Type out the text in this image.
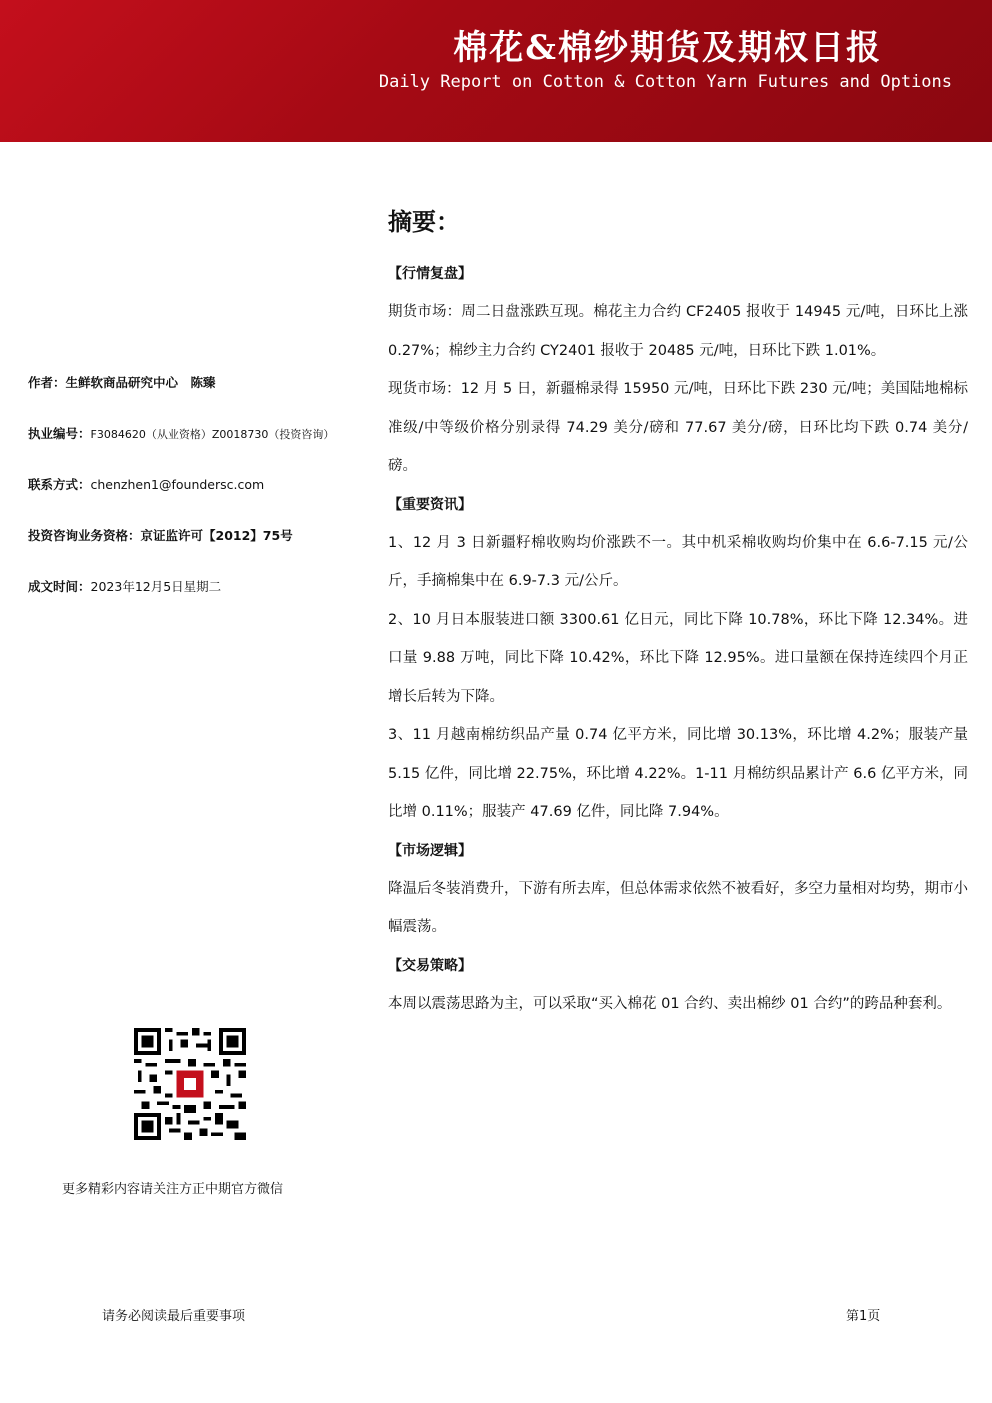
棉花&棉纱期货及期权日报
Daily Report on Cotton & Cotton Yarn Futures and Options
作者：生鲜软商品研究中心　陈臻
执业编号：F3084620（从业资格）Z0018730（投资咨询）
联系方式：chenzhen1@foundersc.com
投资咨询业务资格：京证监许可【2012】75号
成文时间：2023年12月5日星期二
更多精彩内容请关注方正中期官方微信
摘要：

【行情复盘】

期货市场：周二日盘涨跌互现。棉花主力合约 CF2405 报收于 14945 元/吨，日环比上涨 0.27%；棉纱主力合约 CY2401 报收于 20485 元/吨，日环比下跌 1.01%。

现货市场：12 月 5 日，新疆棉录得 15950 元/吨，日环比下跌 230 元/吨；美国陆地棉标准级/中等级价格分别录得 74.29 美分/磅和 77.67 美分/磅，日环比均下跌 0.74 美分/磅。

【重要资讯】

1、12 月 3 日新疆籽棉收购均价涨跌不一。其中机采棉收购均价集中在 6.6-7.15 元/公斤，手摘棉集中在 6.9-7.3 元/公斤。

2、10 月日本服装进口额 3300.61 亿日元，同比下降 10.78%，环比下降 12.34%。进口量 9.88 万吨，同比下降 10.42%，环比下降 12.95%。进口量额在保持连续四个月正增长后转为下降。

3、11 月越南棉纺织品产量 0.74 亿平方米，同比增 30.13%，环比增 4.2%；服装产量 5.15 亿件，同比增 22.75%，环比增 4.22%。1-11 月棉纺织品累计产 6.6 亿平方米，同比增 0.11%；服装产 47.69 亿件，同比降 7.94%。

【市场逻辑】

降温后冬装消费升，下游有所去库，但总体需求依然不被看好，多空力量相对均势，期市小幅震荡。

【交易策略】

本周以震荡思路为主，可以采取“买入棉花 01 合约、卖出棉纱 01 合约”的跨品种套利。

请务必阅读最后重要事项	第1页
